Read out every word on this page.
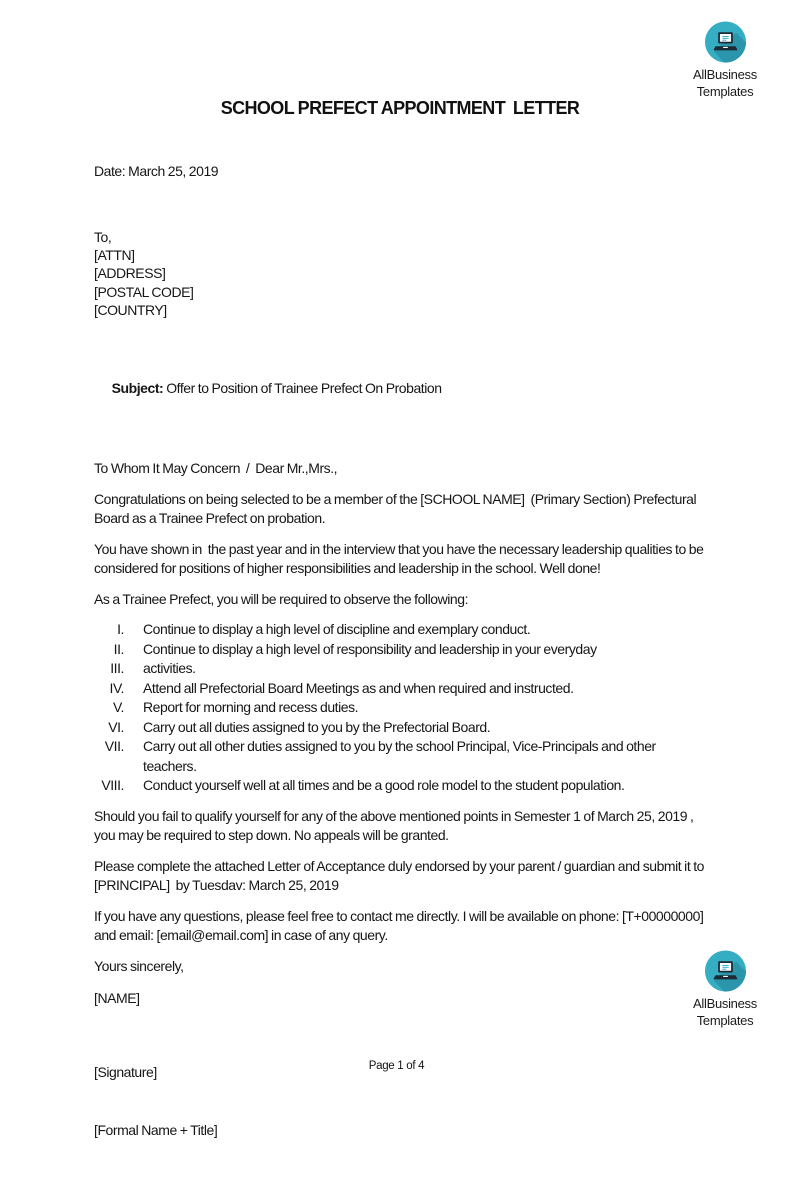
AllBusiness
Templates
SCHOOL PREFECT APPOINTMENT  LETTER
Date: March 25, 2019
To,
[ATTN]
[ADDRESS]
[POSTAL CODE]
[COUNTRY]

Subject: Offer to Position of Trainee Prefect On Probation

To Whom It May Concern  /  Dear Mr.,Mrs.,
Congratulations on being selected to be a member of the [SCHOOL NAME]  (Primary Section) Prefectural  Board as a Trainee Prefect on probation.
You have shown in  the past year and in the interview that you have the necessary leadership qualities to be  considered for positions of higher responsibilities and leadership in the school. Well done!
As a Trainee Prefect, you will be required to observe the following:
I. Continue to display a high level of discipline and exemplary conduct.
II. Continue to display a high level of responsibility and leadership in your everyday
III. activities.
IV. Attend all Prefectorial Board Meetings as and when required and instructed.
V. Report for morning and recess duties.
VI. Carry out all duties assigned to you by the Prefectorial Board.
VII. Carry out all other duties assigned to you by the school Principal, Vice-Principals and other teachers.
VIII. Conduct yourself well at all times and be a good role model to the student population.
Should you fail to qualify yourself for any of the above mentioned points in Semester 1 of March 25, 2019 , you may be required to step down. No appeals will be granted.
Please complete the attached Letter of Acceptance duly endorsed by your parent / guardian and submit it to [PRINCIPAL]  by Tuesdav: March 25, 2019
If you have any questions, please feel free to contact me directly. I will be available on phone: [T+00000000] and email: [email@email.com] in case of any query.
Yours sincerely,
[NAME]

[Signature]

[Formal Name + Title]

AllBusiness
Templates
Page 1 of 4
